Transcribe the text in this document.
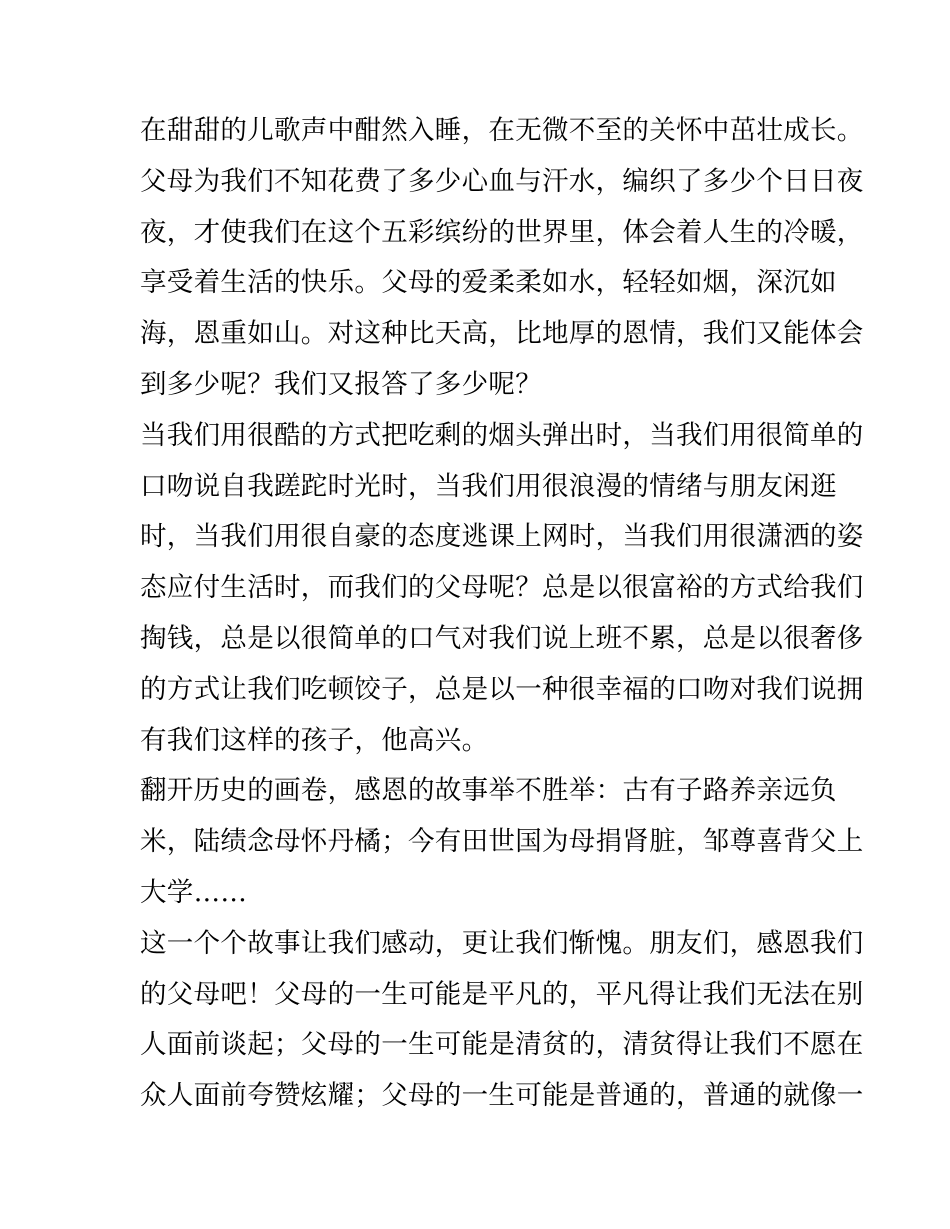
在甜甜的儿歌声中酣然入睡，在无微不至的关怀中茁壮成长。
父母为我们不知花费了多少心血与汗水，编织了多少个日日夜
夜，才使我们在这个五彩缤纷的世界里，体会着人生的冷暖，
享受着生活的快乐。父母的爱柔柔如水，轻轻如烟，深沉如
海，恩重如山。对这种比天高，比地厚的恩情，我们又能体会
到多少呢？我们又报答了多少呢？
当我们用很酷的方式把吃剩的烟头弹出时，当我们用很简单的
口吻说自我蹉跎时光时，当我们用很浪漫的情绪与朋友闲逛
时，当我们用很自豪的态度逃课上网时，当我们用很潇洒的姿
态应付生活时，而我们的父母呢？总是以很富裕的方式给我们
掏钱，总是以很简单的口气对我们说上班不累，总是以很奢侈
的方式让我们吃顿饺子，总是以一种很幸福的口吻对我们说拥
有我们这样的孩子，他高兴。
翻开历史的画卷，感恩的故事举不胜举：古有子路养亲远负
米，陆绩念母怀丹橘；今有田世国为母捐肾脏，邹尊喜背父上
大学……
这一个个故事让我们感动，更让我们惭愧。朋友们，感恩我们
的父母吧！父母的一生可能是平凡的，平凡得让我们无法在别
人面前谈起；父母的一生可能是清贫的，清贫得让我们不愿在
众人面前夸赞炫耀；父母的一生可能是普通的，普通的就像一
